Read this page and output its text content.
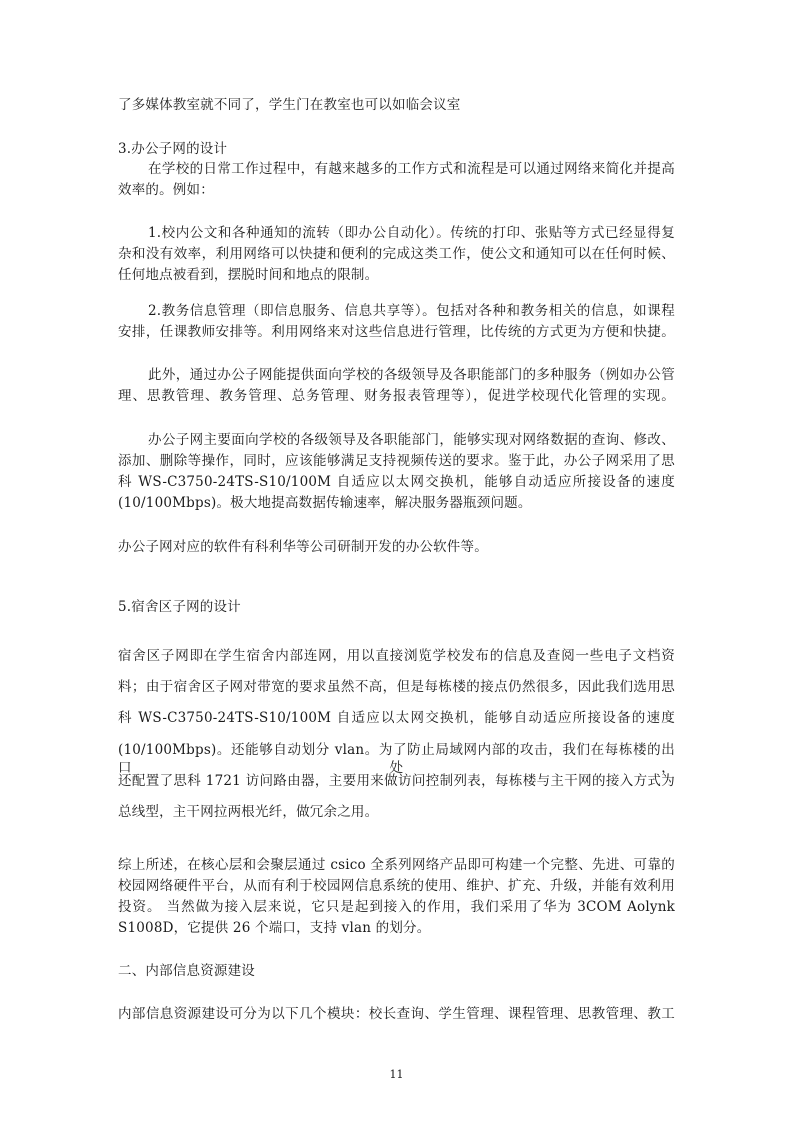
了多媒体教室就不同了，学生门在教室也可以如临会议室
3.办公子网的设计
在学校的日常工作过程中，有越来越多的工作方式和流程是可以通过网络来简化并提高
效率的。例如：
1.校内公文和各种通知的流转（即办公自动化）。传统的打印、张贴等方式已经显得复
杂和没有效率，利用网络可以快捷和便利的完成这类工作，使公文和通知可以在任何时候、
任何地点被看到，摆脱时间和地点的限制。
2.教务信息管理（即信息服务、信息共享等）。包括对各种和教务相关的信息，如课程
安排，任课教师安排等。利用网络来对这些信息进行管理，比传统的方式更为方便和快捷。
此外，通过办公子网能提供面向学校的各级领导及各职能部门的多种服务（例如办公管
理、思教管理、教务管理、总务管理、财务报表管理等），促进学校现代化管理的实现。
办公子网主要面向学校的各级领导及各职能部门，能够实现对网络数据的查询、修改、
添加、删除等操作，同时，应该能够满足支持视频传送的要求。鉴于此，办公子网采用了思
科 WS-C3750-24TS-S10/100M 自适应以太网交换机，能够自动适应所接设备的速度
(10/100Mbps)。极大地提高数据传输速率，解决服务器瓶颈问题。
办公子网对应的软件有科利华等公司研制开发的办公软件等。
5.宿舍区子网的设计
宿舍区子网即在学生宿舍内部连网，用以直接浏览学校发布的信息及查阅一些电子文档资
料；由于宿舍区子网对带宽的要求虽然不高，但是每栋楼的接点仍然很多，因此我们选用思
科 WS-C3750-24TS-S10/100M 自适应以太网交换机，能够自动适应所接设备的速度
(10/100Mbps)。还能够自动划分 vlan。为了防止局域网内部的攻击，我们在每栋楼的出口处，
还配置了思科 1721 访问路由器，主要用来做访问控制列表，每栋楼与主干网的接入方式为
总线型，主干网拉两根光纤，做冗余之用。
综上所述，在核心层和会聚层通过 csico 全系列网络产品即可构建一个完整、先进、可靠的
校园网络硬件平台，从而有利于校园网信息系统的使用、维护、扩充、升级，并能有效利用
投资。 当然做为接入层来说，它只是起到接入的作用，我们采用了华为 3COM Aolynk
S1008D，它提供 26 个端口，支持 vlan 的划分。
二、内部信息资源建设
内部信息资源建设可分为以下几个模块：校长查询、学生管理、课程管理、思教管理、教工
11
